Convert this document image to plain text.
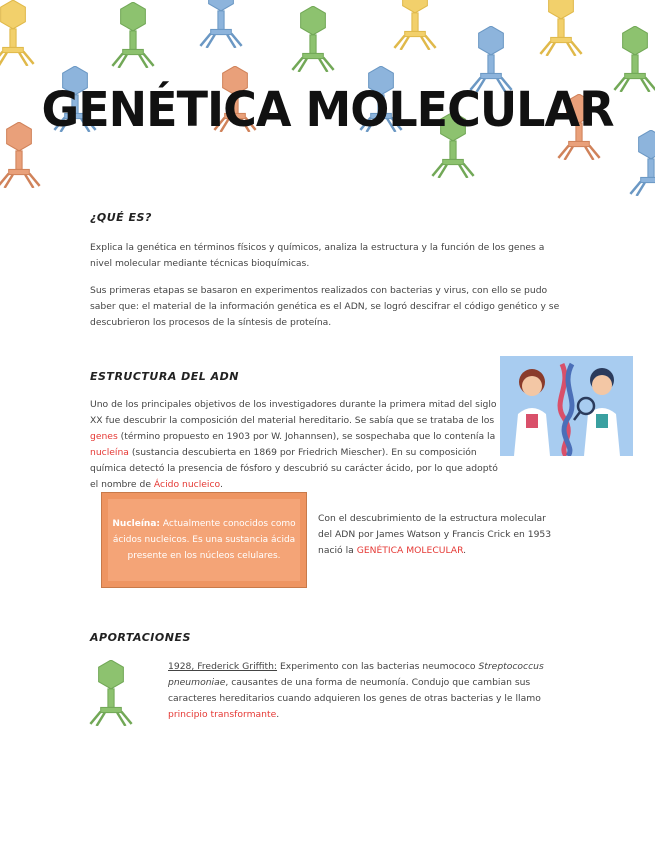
GENÉTICA MOLECULAR
¿QUÉ ES?

Explica la genética en términos físicos y químicos, analiza la estructura y la función de los genes a nivel molecular mediante técnicas bioquímicas.

Sus primeras etapas se basaron en experimentos realizados con bacterias y virus, con ello se pudo saber que: el material de la información genética es el ADN, se logró descifrar el código genético y se descubrieron los procesos de la síntesis de proteína.

ESTRUCTURA DEL ADN

Uno de los principales objetivos de los investigadores durante la primera mitad del siglo XX fue descubrir la composición del material hereditario. Se sabía que se trataba de los genes (término propuesto en 1903 por W. Johannsen), se sospechaba que lo contenía la nucleína (sustancia descubierta en 1869 por Friedrich Miescher). En su composición química detectó la presencia de fósforo y descubrió su carácter ácido, por lo que adoptó el nombre de Ácido nucleico.

Nucleína: Actualmente conocidos como ácidos nucleicos. Es una sustancia ácida presente en los núcleos celulares.

Con el descubrimiento de la estructura molecular del ADN por James Watson y Francis Crick en 1953 nació la GENÉTICA MOLECULAR.

APORTACIONES

1928, Frederick Griffith: Experimento con las bacterias neumococo Streptococcus pneumoniae, causantes de una forma de neumonía. Condujo que cambian sus caracteres hereditarios cuando adquieren los genes de otras bacterias y le llamo principio transformante.
